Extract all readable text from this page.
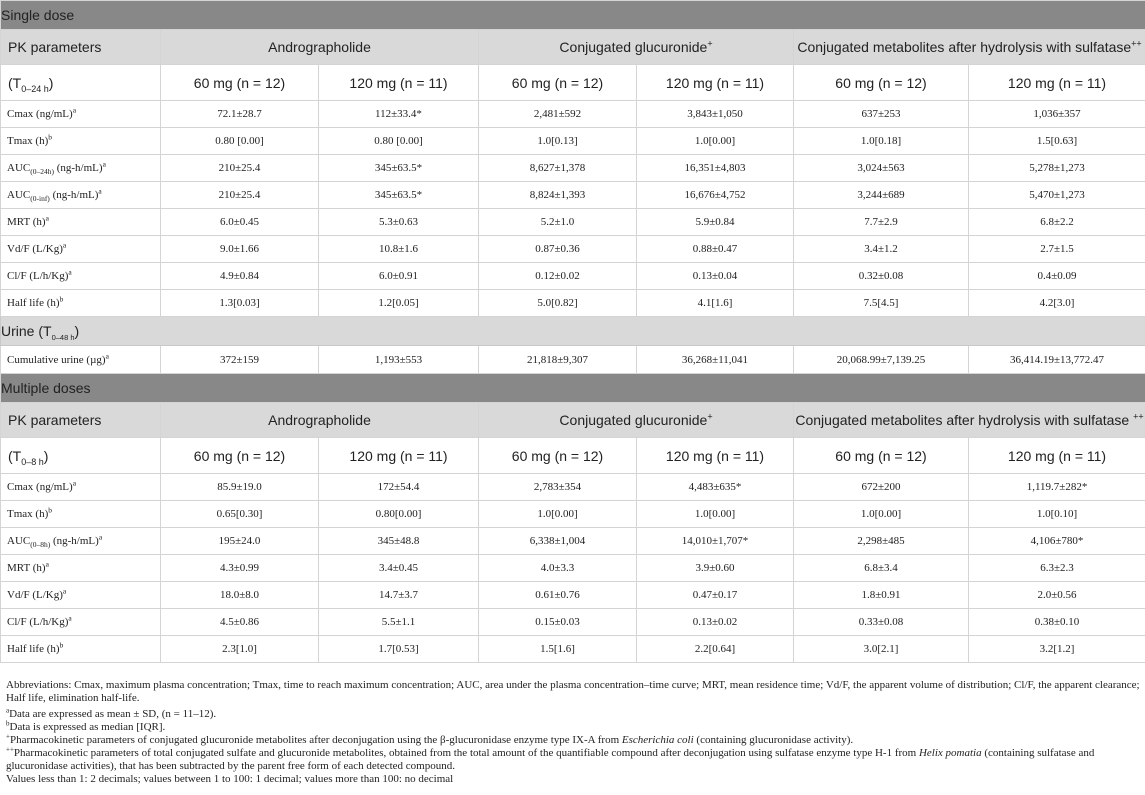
Single dose						
PK parameters	Andrographolide		Conjugated glucuronide+		Conjugated metabolites after hydrolysis with sulfatase++
$(T_{0-24 h})$	60 mg (n = 12)	120 mg (n = 11)	60 mg (n = 12)	120 mg (n = 11)	60 mg (n = 12)	120 mg (n = 11)
Cmax $(ng/mL)^a$	72.1±28.7	112±33.4*	2,481±592	3,843±1,050	637±253	1,036±357
Tmax $(h)^b$	0.80 [0.00]	0.80 [0.00]	1.0[0.13]	1.0[0.00]	1.0[0.18]	1.5[0.63]
$AUC_{(0-24h)}$ $(ng-h/mL)^a$	210±25.4	345±63.5*	8,627±1,378	16,351±4,803	3,024±563	5,278±1,273
$AUC_{(0-inf)}$ $(ng-h/mL)^a$	210±25.4	345±63.5*	8,824±1,393	16,676±4,752	3,244±689	5,470±1,273
MRT $(h)^a$	6.0±0.45	5.3±0.63	5.2±1.0	5.9±0.84	7.7±2.9	6.8±2.2
Vd/F $(L/Kg)^a$	9.0±1.66	10.8±1.6	0.87±0.36	0.88±0.47	3.4±1.2	2.7±1.5
Cl/F $(L/h/Kg)^a$	4.9±0.84	6.0±0.91	0.12±0.02	0.13±0.04	0.32±0.08	0.4±0.09
Half life $(h)^b$	1.3[0.03]	1.2[0.05]	5.0[0.82]	4.1[1.6]	7.5[4.5]	4.2[3.0]
Urine $(T_{0-48 h})$						
Cumulative urine $(\mu g)^a$	372±159	1,193±553	21,818±9,307	36,268±11,041	20,068.99±7,139.25	36,414.19±13,772.47
Multiple doses						
PK parameters	Andrographolide		Conjugated glucuronide+		Conjugated metabolites after hydrolysis with sulfatase ++
$(T_{0-8 h})$	60 mg (n = 12)	120 mg (n = 11)	60 mg (n = 12)	120 mg (n = 11)	60 mg (n = 12)	120 mg (n = 11)
Cmax $(ng/mL)^a$	85.9±19.0	172±54.4	2,783±354	4,483±635*	672±200	1,119.7±282*
Tmax $(h)^b$	0.65[0.30]	0.80[0.00]	1.0[0.00]	1.0[0.00]	1.0[0.00]	1.0[0.10]
$AUC_{(0-8h)}$ $(ng-h/mL)^a$	195±24.0	345±48.8	6,338±1,004	14,010±1,707*	2,298±485	4,106±780*
MRT $(h)^a$	4.3±0.99	3.4±0.45	4.0±3.3	3.9±0.60	6.8±3.4	6.3±2.3
Vd/F $(L/Kg)^a$	18.0±8.0	14.7±3.7	0.61±0.76	0.47±0.17	1.8±0.91	2.0±0.56
Cl/F $(L/h/Kg)^a$	4.5±0.86	5.5±1.1	0.15±0.03	0.13±0.02	0.33±0.08	0.38±0.10
Half life $(h)^b$	2.3[1.0]	1.7[0.53]	1.5[1.6]	2.2[0.64]	3.0[2.1]	3.2[1.2]

Abbreviations: Cmax, maximum plasma concentration; Tmax, time to reach maximum concentration; AUC, area under the plasma concentration–time curve; MRT, mean residence time; Vd/F, the apparent volume of distribution; Cl/F, the apparent clearance; Half life, elimination half-life.

$^a$Data are expressed as mean ± SD, (n = 11–12).

$^b$Data is expressed as median [IQR].

+Pharmacokinetic parameters of conjugated glucuronide metabolites after deconjugation using the β-glucuronidase enzyme type IX-A from Escherichia coli (containing glucuronidase activity).

++Pharmacokinetic parameters of total conjugated sulfate and glucuronide metabolites, obtained from the total amount of the quantifiable compound after deconjugation using sulfatase enzyme type H-1 from Helix pomatia (containing sulfatase and glucuronidase activities), that has been subtracted by the parent free form of each detected compound.

Values less than 1: 2 decimals; values between 1 to 100: 1 decimal; values more than 100: no decimal
